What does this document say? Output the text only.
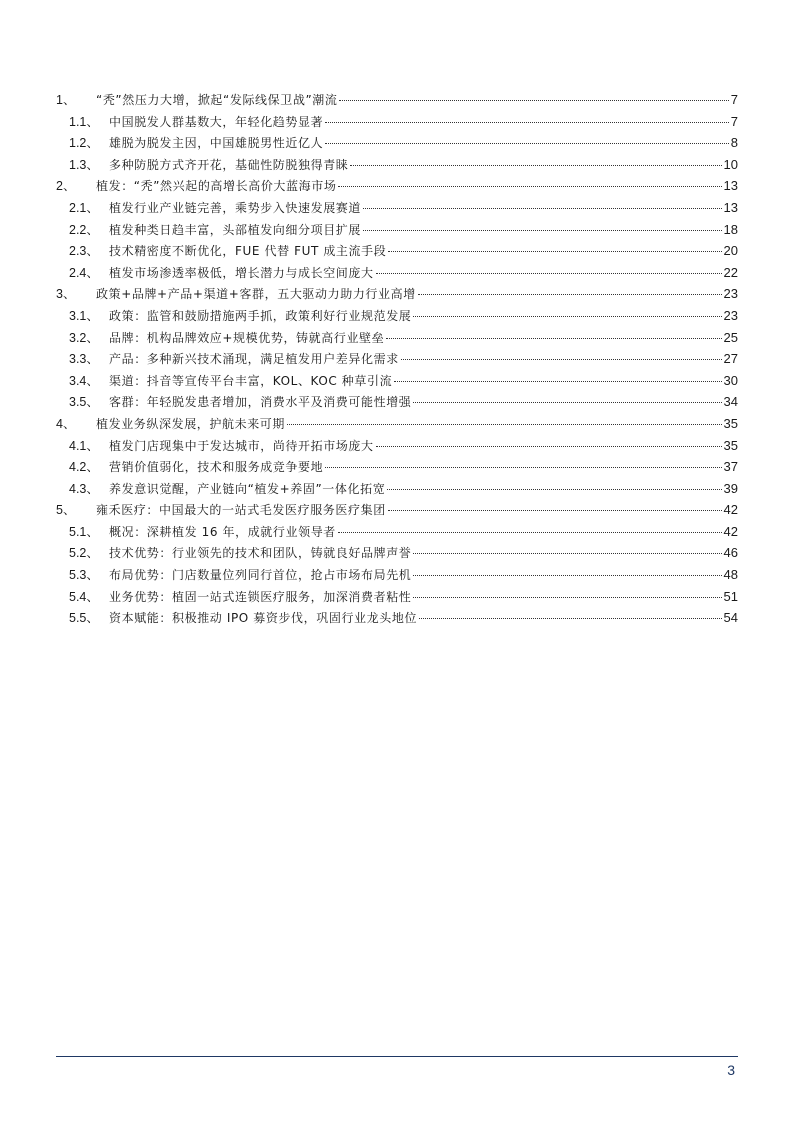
1、	“秃”然压力大增，掀起“发际线保卫战”潮流	7
1.1、 中国脱发人群基数大，年轻化趋势显著	7
1.2、 雄脱为脱发主因，中国雄脱男性近亿人	8
1.3、 多种防脱方式齐开花，基础性防脱独得青睐	10
2、	植发：“秃”然兴起的高增长高价大蓝海市场	13
2.1、 植发行业产业链完善，乘势步入快速发展赛道	13
2.2、 植发种类日趋丰富，头部植发向细分项目扩展	18
2.3、 技术精密度不断优化，FUE 代替 FUT 成主流手段	20
2.4、 植发市场渗透率极低，增长潜力与成长空间庞大	22
3、	政策+品牌+产品+渠道+客群，五大驱动力助力行业高增	23
3.1、 政策：监管和鼓励措施两手抓，政策利好行业规范发展	23
3.2、 品牌：机构品牌效应+规模优势，铸就高行业壁垒	25
3.3、 产品：多种新兴技术涌现，满足植发用户差异化需求	27
3.4、 渠道：抖音等宣传平台丰富，KOL、KOC 种草引流	30
3.5、 客群：年轻脱发患者增加，消费水平及消费可能性增强	34
4、	植发业务纵深发展，护航未来可期	35
4.1、 植发门店现集中于发达城市，尚待开拓市场庞大	35
4.2、 营销价值弱化，技术和服务成竞争要地	37
4.3、 养发意识觉醒，产业链向“植发+养固”一体化拓宽	39
5、	雍禾医疗：中国最大的一站式毛发医疗服务医疗集团	42
5.1、 概况：深耕植发 16 年，成就行业领导者	42
5.2、 技术优势：行业领先的技术和团队，铸就良好品牌声誉	46
5.3、 布局优势：门店数量位列同行首位，抢占市场布局先机	48
5.4、 业务优势：植固一站式连锁医疗服务，加深消费者粘性	51
5.5、 资本赋能：积极推动 IPO 募资步伐，巩固行业龙头地位	54
3
